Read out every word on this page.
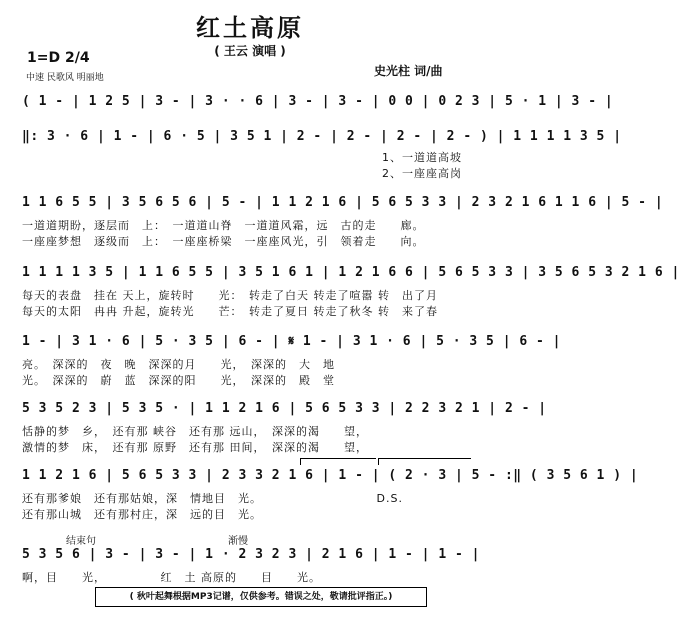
红土高原
( 王云 演唱 )
1=D 2/4
中速 民歌风 明丽地	史光柱 词/曲
( 1 - | 1 2 5 | 3 - | 3 · · 6 | 3 - | 3 - | 0 0 | 0 2 3 | 5 · 1 | 3 - |
‖: 3 · 6 | 1 - | 6 · 5 | 3 5 1 | 2 - | 2 - | 2 - | 2 - ) | 1 1 1 1 3 5 |
1、一道道高坡
2、一座座高岗
1 1 6 5 5 | 3 5 6 5 6 | 5 - | 1 1 2 1 6 | 5 6 5 3 3 | 2 3 2 1 6 1 1 6 | 5 - |
一道道期盼，逐层而　上：　一道道山脊　一道道风霜，远　古的走　　廊。
一座座梦想　逐级而　上：　一座座桥梁　一座座风光，引　领着走　　向。
1 1 1 1 3 5 | 1 1 6 5 5 | 3 5 1 6 1 | 1 2 1 6 6 | 5 6 5 3 3 | 3 5 6 5 3 2 1 6 |
每天的表盘　挂在 天上，旋转时　　光：　转走了白天 转走了喧嚣 转　出了月
每天的太阳　冉冉 升起，旋转光　　芒：　转走了夏日 转走了秋冬 转　来了春
1 - | 3 1 · 6 | 5 · 3 5 | 6 - | 𝄋 1 - | 3 1 · 6 | 5 · 3 5 | 6 - |
亮。　深深的　夜　晚　深深的月　　光，　深深的　大　地
光。　深深的　蔚　蓝　深深的阳　　光，　深深的　殿　堂
5 3 5 2 3 | 5 3 5 · | 1 1 2 1 6 | 5 6 5 3 3 | 2 2 3 2 1 | 2 - |
恬静的梦　乡，　还有那 峡谷　还有那 远山，　深深的渴　　望，
激情的梦　床，　还有那 原野　还有那 田间，　深深的渴　　望，
1 1 2 1 6 | 5 6 5 3 3 | 2 3 3 2 1 6 | 1 - | ( 2 · 3 | 5 - :‖ ( 3 5 6 1 ) |
还有那爹娘　还有那姑娘，深　情地目　光。　　　　　　　　　　D.S.
还有那山城　还有那村庄，深　远的目　光。
结束句	渐慢
5 3 5 6 | 3 - | 3 - | 1 · 2 3 2 3 | 2 1 6 | 1 - | 1 - |
啊，目　　光，　　　　　红　土 高原的　　目　　光。
( 秋叶起舞根据MP3记谱，仅供参考。错误之处，敬请批评指正。)
